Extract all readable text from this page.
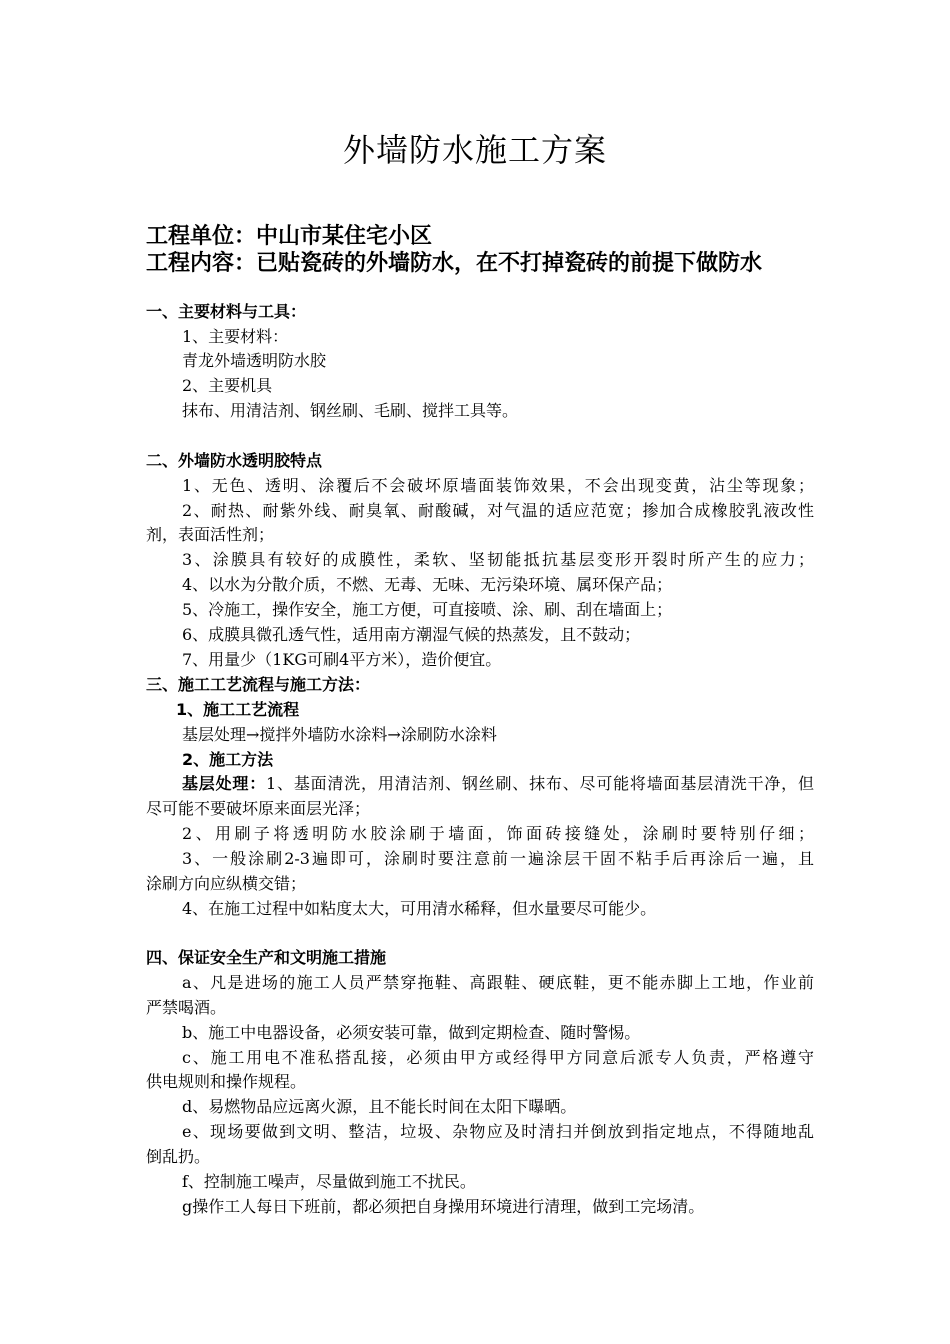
外墙防水施工方案
工程单位：中山市某住宅小区
工程内容：已贴瓷砖的外墙防水，在不打掉瓷砖的前提下做防水
一、主要材料与工具：
1、主要材料：
青龙外墙透明防水胶
2、主要机具
抹布、用清洁剂、钢丝刷、毛刷、搅拌工具等。
二、外墙防水透明胶特点
1、无色、透明、涂覆后不会破坏原墙面装饰效果，不会出现变黄，沾尘等现象；
2、耐热、耐紫外线、耐臭氧、耐酸碱，对气温的适应范宽；掺加合成橡胶乳液改性
剂，表面活性剂；
3、涂膜具有较好的成膜性，柔软、坚韧能抵抗基层变形开裂时所产生的应力；
4、以水为分散介质，不燃、无毒、无味、无污染环境、属环保产品；
5、冷施工，操作安全，施工方便，可直接喷、涂、刷、刮在墙面上；
6、成膜具微孔透气性，适用南方潮湿气候的热蒸发，且不鼓动；
7、用量少（1KG可刷4平方米），造价便宜。
三、施工工艺流程与施工方法：
1、施工工艺流程
基层处理→搅拌外墙防水涂料→涂刷防水涂料
2、施工方法
基层处理：1、基面清洗，用清洁剂、钢丝刷、抹布、尽可能将墙面基层清洗干净，但
尽可能不要破坏原来面层光泽；
2、用刷子将透明防水胶涂刷于墙面，饰面砖接缝处，涂刷时要特别仔细；
3、一般涂刷2-3遍即可，涂刷时要注意前一遍涂层干固不粘手后再涂后一遍，且
涂刷方向应纵横交错；
4、在施工过程中如粘度太大，可用清水稀释，但水量要尽可能少。
四、保证安全生产和文明施工措施
a、凡是进场的施工人员严禁穿拖鞋、高跟鞋、硬底鞋，更不能赤脚上工地，作业前
严禁喝酒。
b、施工中电器设备，必须安装可靠，做到定期检查、随时警惕。
c、施工用电不准私搭乱接，必须由甲方或经得甲方同意后派专人负责，严格遵守
供电规则和操作规程。
d、易燃物品应远离火源，且不能长时间在太阳下曝晒。
e、现场要做到文明、整洁，垃圾、杂物应及时清扫并倒放到指定地点，不得随地乱
倒乱扔。
f、控制施工噪声，尽量做到施工不扰民。
g操作工人每日下班前，都必须把自身操用环境进行清理，做到工完场清。
